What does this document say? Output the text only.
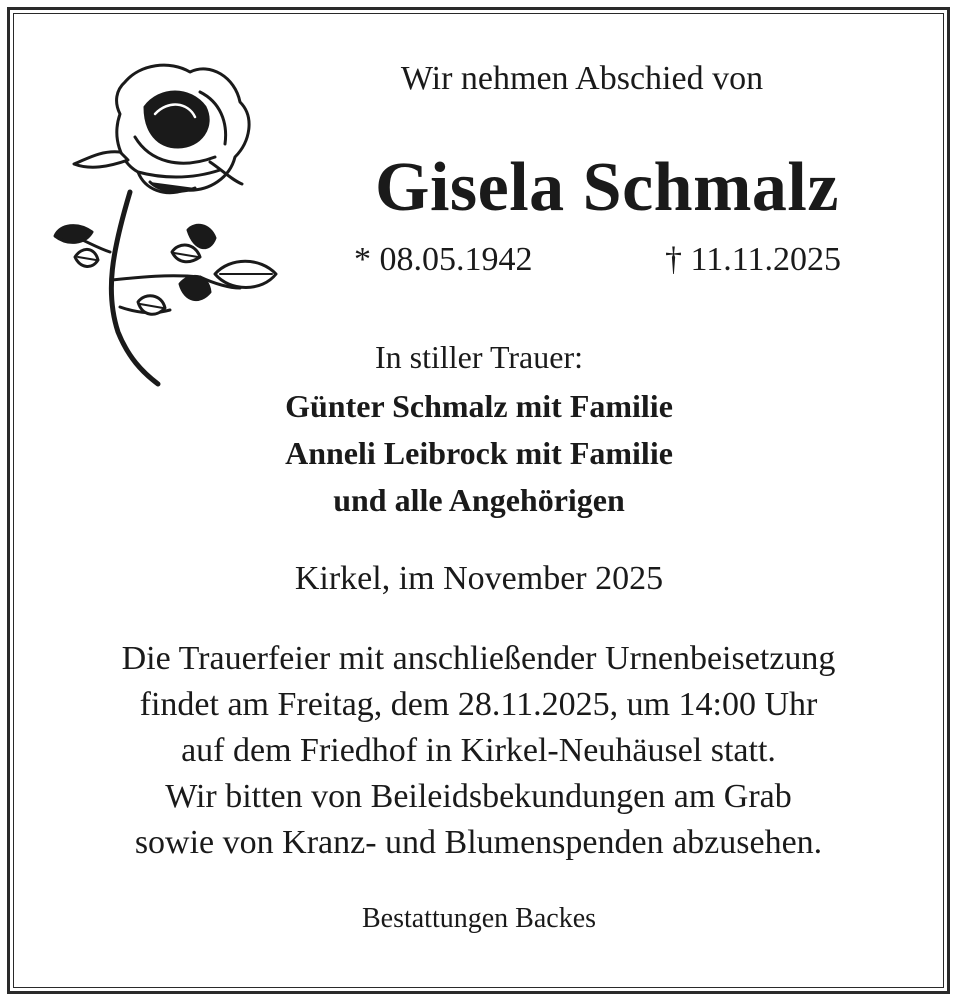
Wir nehmen Abschied von
Gisela Schmalz
* 08.05.1942	† 11.11.2025
In stiller Trauer:
Günter Schmalz mit Familie
Anneli Leibrock mit Familie
und alle Angehörigen
Kirkel, im November 2025
Die Trauerfeier mit anschließender Urnenbeisetzung
findet am Freitag, dem 28.11.2025, um 14:00 Uhr
auf dem Friedhof in Kirkel-Neuhäusel statt.
Wir bitten von Beileidsbekundungen am Grab
sowie von Kranz- und Blumenspenden abzusehen.
Bestattungen Backes
